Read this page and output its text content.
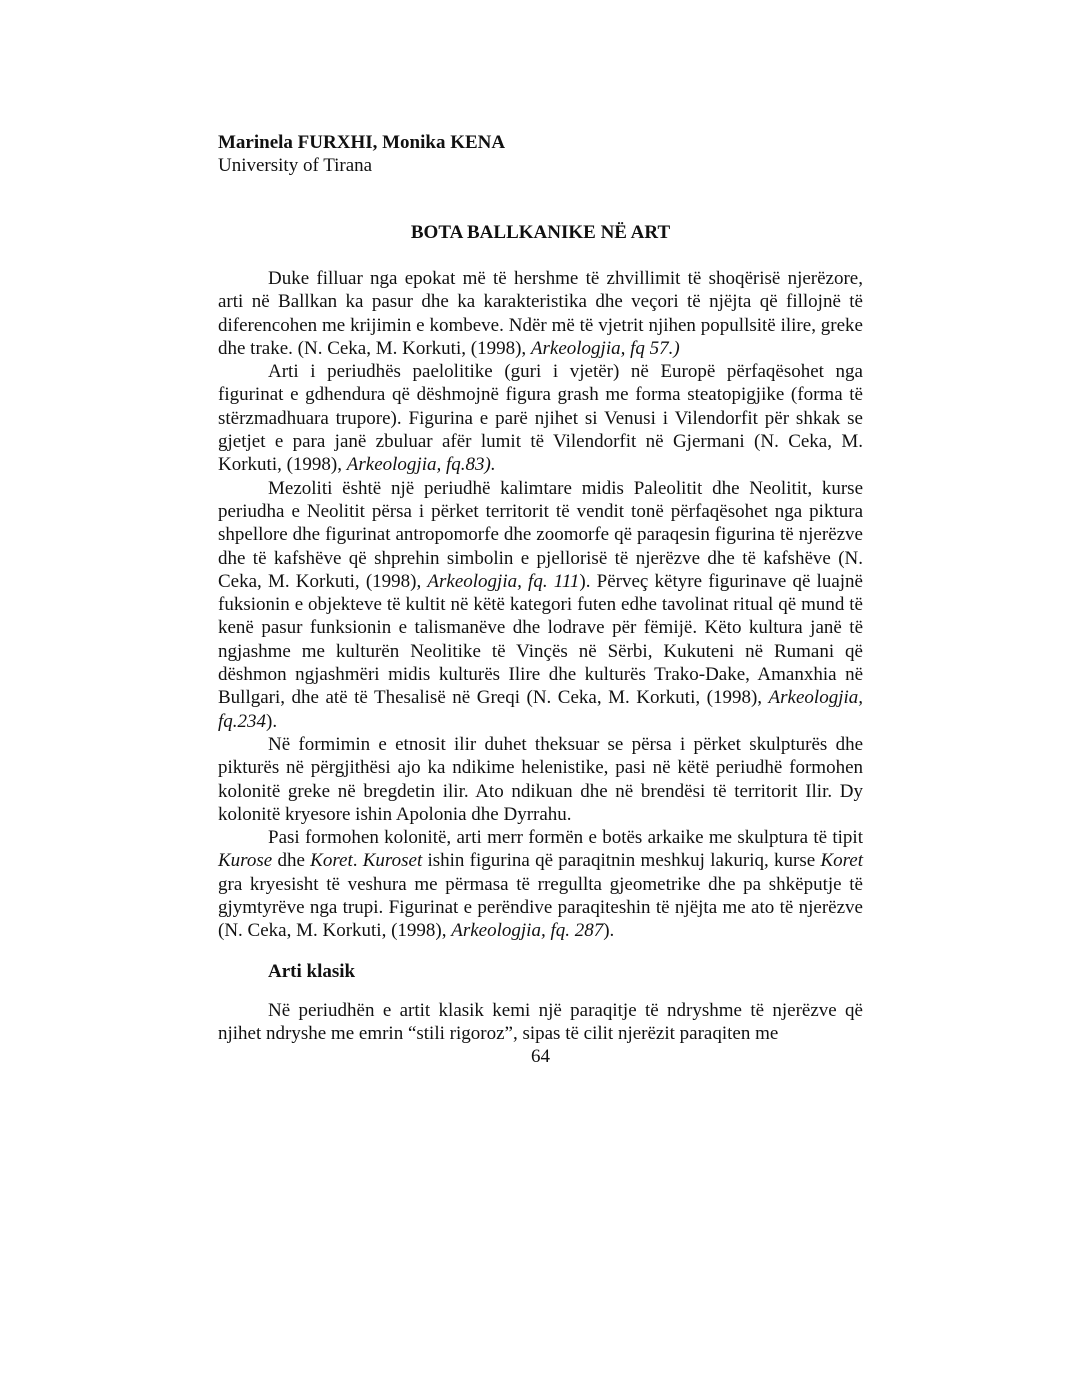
Marinela FURXHI, Monika KENA

University of Tirana

BOTA BALLKANIKE NË ART

Duke filluar nga epokat më të hershme të zhvillimit të shoqërisë njerëzore, arti në Ballkan ka pasur dhe ka karakteristika dhe veçori të njëjta që fillojnë të diferencohen me krijimin e kombeve. Ndër më të vjetrit njihen popullsitë ilire, greke dhe trake. (N. Ceka, M. Korkuti, (1998), Arkeologjia, fq 57.)

Arti i periudhës paelolitike (guri i vjetër) në Europë përfaqësohet nga figurinat e gdhendura që dëshmojnë figura grash me forma steatopigjike (forma të stërzmadhuara trupore). Figurina e parë njihet si Venusi i Vilendorfit për shkak se gjetjet e para janë zbuluar afër lumit të Vilendorfit në Gjermani (N. Ceka, M. Korkuti, (1998), Arkeologjia, fq.83).

Mezoliti është një periudhë kalimtare midis Paleolitit dhe Neolitit, kurse periudha e Neolitit përsa i përket territorit të vendit tonë përfaqësohet nga piktura shpellore dhe figurinat antropomorfe dhe zoomorfe që paraqesin figurina të njerëzve dhe të kafshëve që shprehin simbolin e pjellorisë të njerëzve dhe të kafshëve (N. Ceka, M. Korkuti, (1998), Arkeologjia, fq. 111). Përveç këtyre figurinave që luajnë fuksionin e objekteve të kultit në këtë kategori futen edhe tavolinat ritual që mund të kenë pasur funksionin e talismanëve dhe lodrave për fëmijë. Këto kultura janë të ngjashme me kulturën Neolitike të Vinçës në Sërbi, Kukuteni në Rumani që dëshmon ngjashmëri midis kulturës Ilire dhe kulturës Trako-Dake, Amanxhia në Bullgari, dhe atë të Thesalisë në Greqi (N. Ceka, M. Korkuti, (1998), Arkeologjia, fq.234).

Në formimin e etnosit ilir duhet theksuar se përsa i përket skulpturës dhe pikturës në përgjithësi ajo ka ndikime helenistike, pasi në këtë periudhë formohen kolonitë greke në bregdetin ilir. Ato ndikuan dhe në brendësi të territorit Ilir. Dy kolonitë kryesore ishin Apolonia dhe Dyrrahu.

Pasi formohen kolonitë, arti merr formën e botës arkaike me skulptura të tipit Kurose dhe Koret. Kuroset ishin figurina që paraqitnin meshkuj lakuriq, kurse Koret gra kryesisht të veshura me përmasa të rregullta gjeometrike dhe pa shkëputje të gjymtyrëve nga trupi. Figurinat e perëndive paraqiteshin të njëjta me ato të njerëzve (N. Ceka, M. Korkuti, (1998), Arkeologjia, fq. 287).

Arti klasik

Në periudhën e artit klasik kemi një paraqitje të ndryshme të njerëzve që njihet ndryshe me emrin “stili rigoroz”, sipas të cilit njerëzit paraqiten me

64
